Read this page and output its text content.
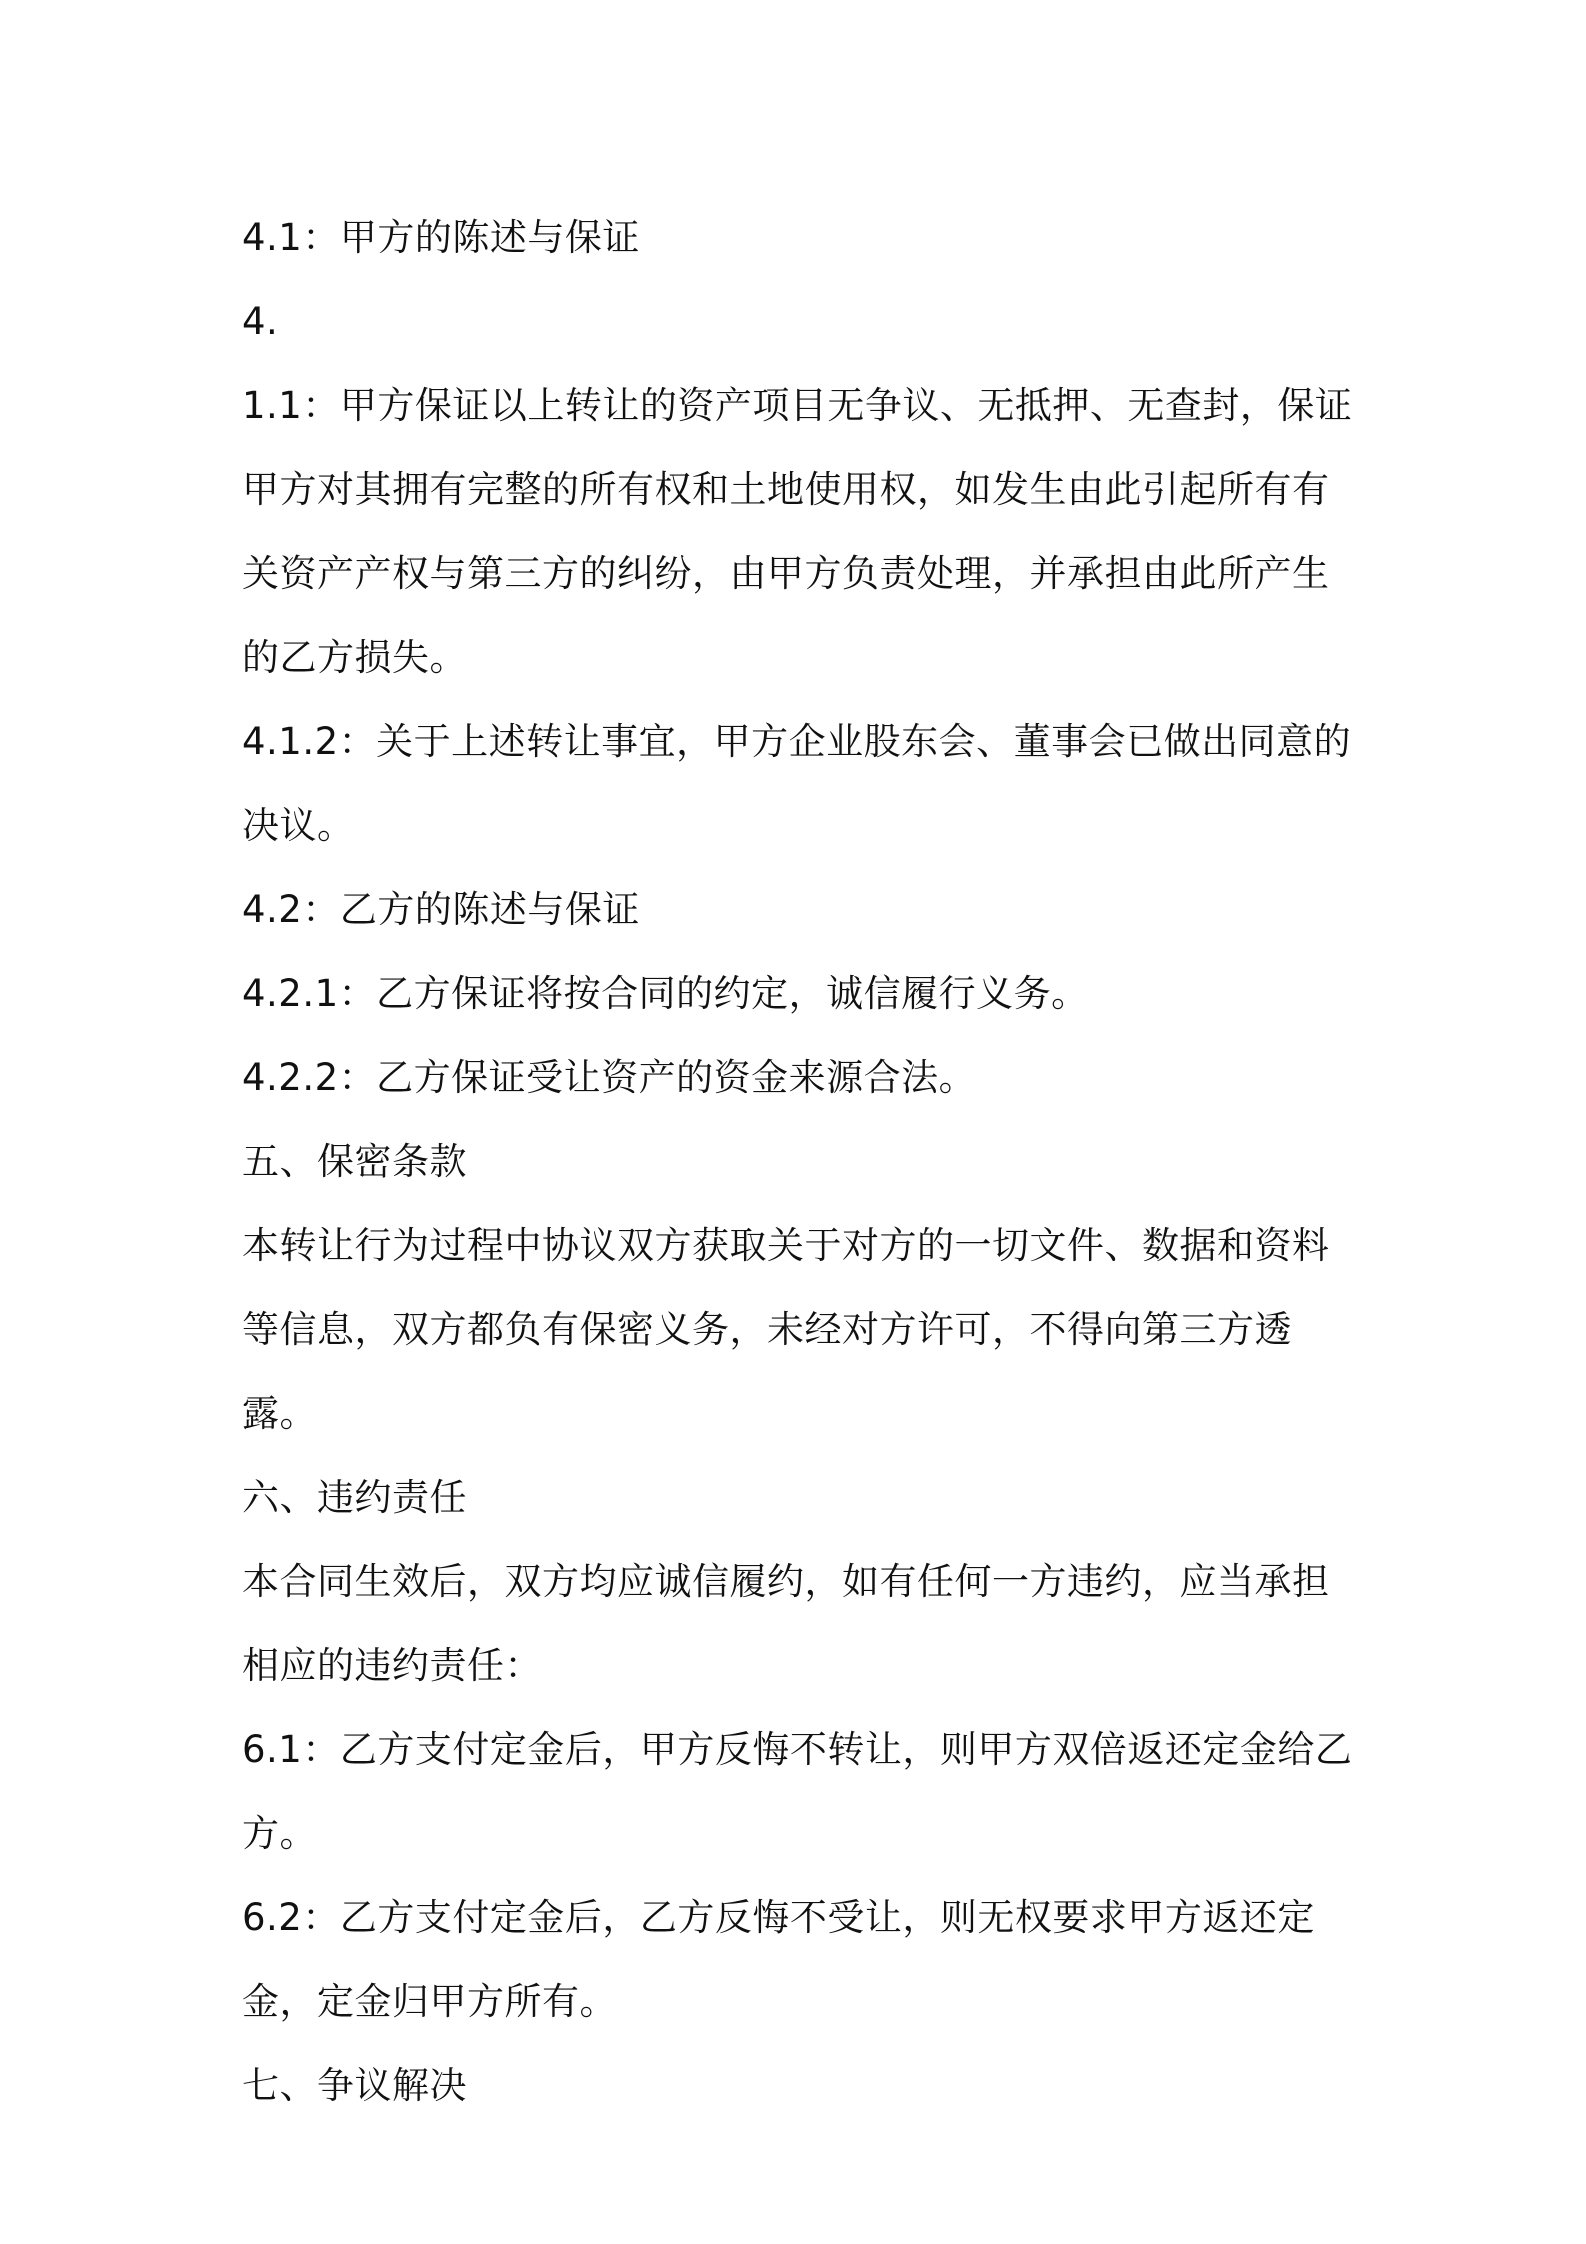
4.1：甲方的陈述与保证

4.

1.1：甲方保证以上转让的资产项目无争议、无抵押、无查封，保证甲方对其拥有完整的所有权和土地使用权，如发生由此引起所有有关资产产权与第三方的纠纷，由甲方负责处理，并承担由此所产生的乙方损失。

4.1.2：关于上述转让事宜，甲方企业股东会、董事会已做出同意的决议。

4.2：乙方的陈述与保证

4.2.1：乙方保证将按合同的约定，诚信履行义务。

4.2.2：乙方保证受让资产的资金来源合法。

五、保密条款

本转让行为过程中协议双方获取关于对方的一切文件、数据和资料等信息，双方都负有保密义务，未经对方许可，不得向第三方透露。

六、违约责任

本合同生效后，双方均应诚信履约，如有任何一方违约，应当承担相应的违约责任：

6.1：乙方支付定金后，甲方反悔不转让，则甲方双倍返还定金给乙方。

6.2：乙方支付定金后，乙方反悔不受让，则无权要求甲方返还定金，定金归甲方所有。

七、争议解决
